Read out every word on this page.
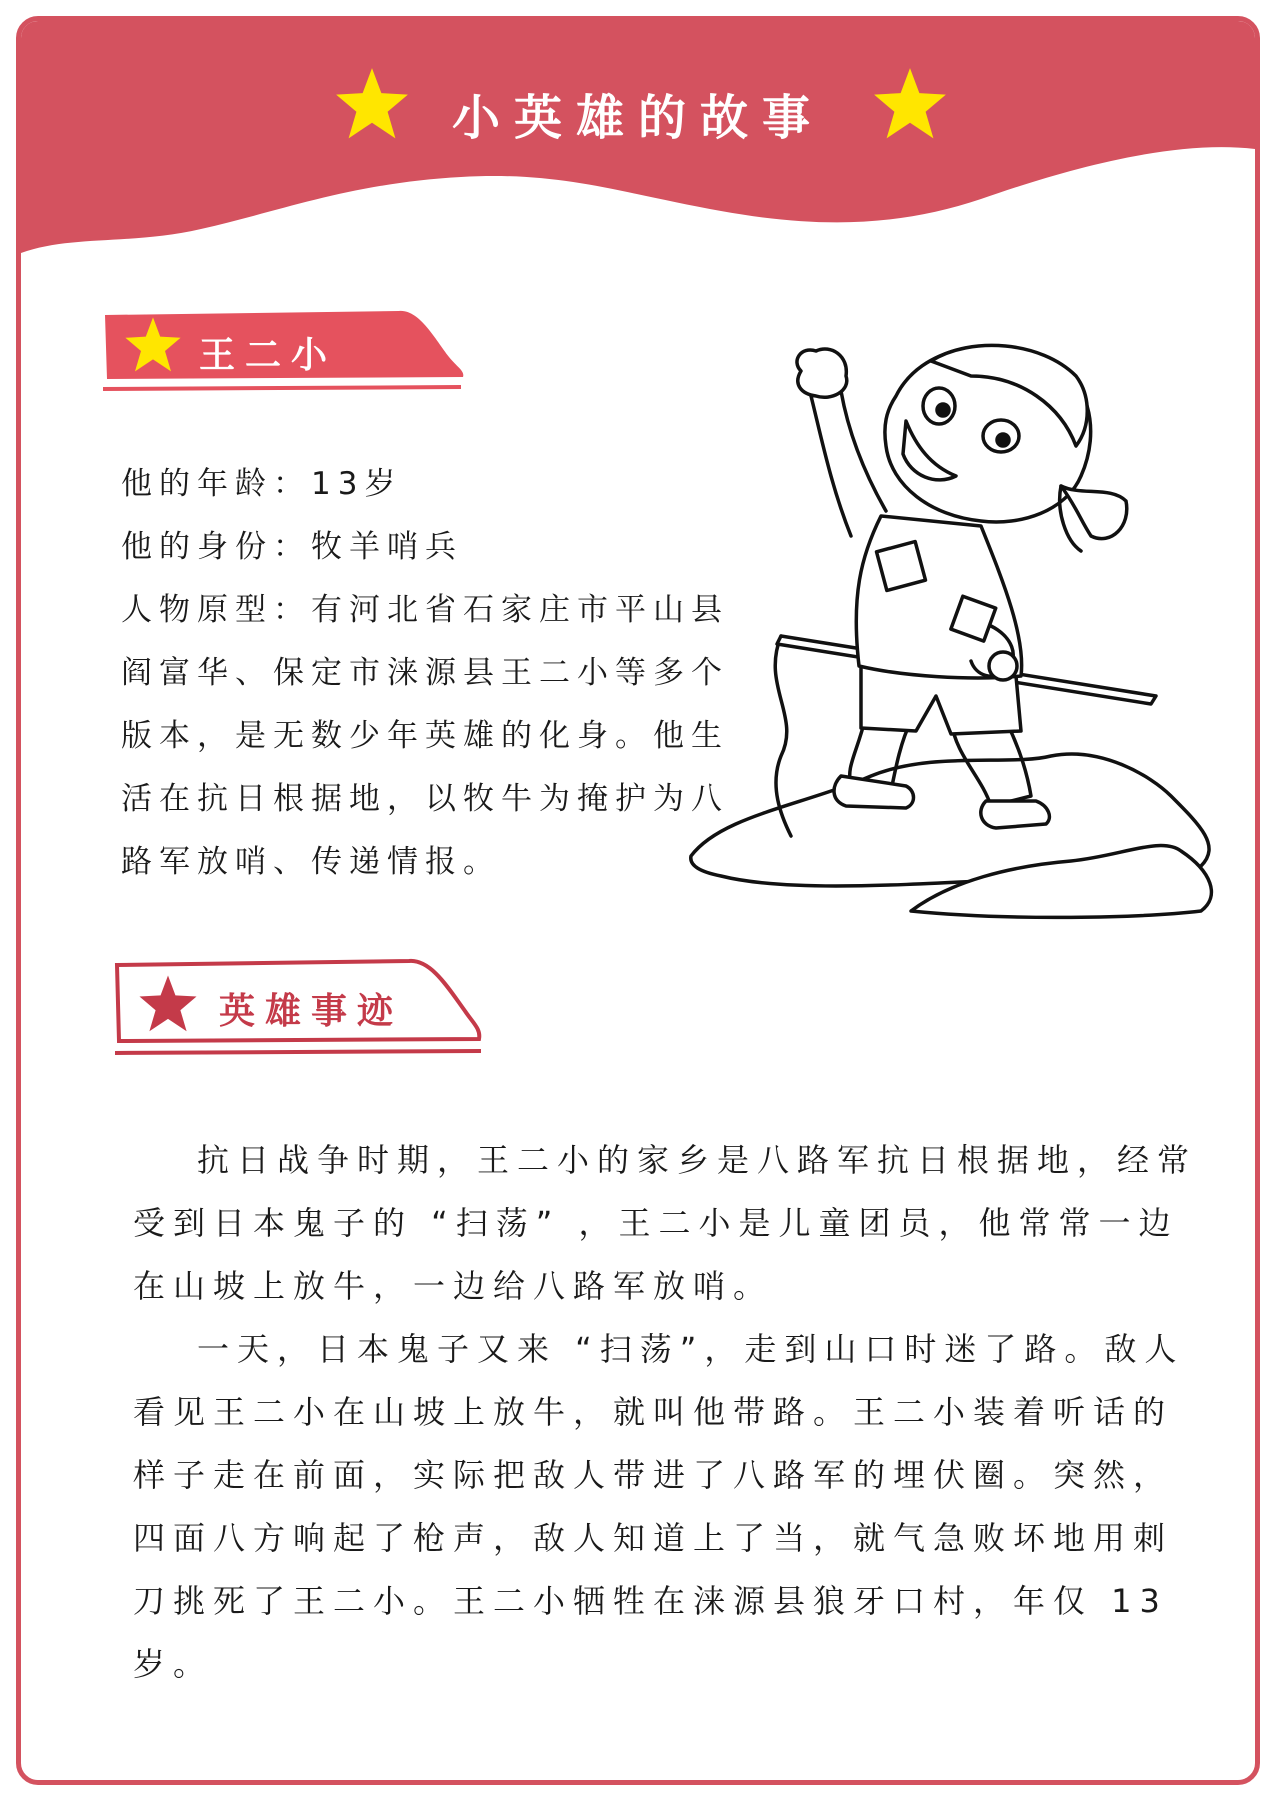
小英雄的故事
王二小

他的年龄：13岁

他的身份：牧羊哨兵

人物原型：有河北省石家庄市平山县阎富华、保定市涞源县王二小等多个版本，是无数少年英雄的化身。他生活在抗日根据地，以牧牛为掩护为八路军放哨、传递情报。

英雄事迹

抗日战争时期，王二小的家乡是八路军抗日根据地，经常受到日本鬼子的 “扫荡” ，王二小是儿童团员，他常常一边在山坡上放牛，一边给八路军放哨。

一天，日本鬼子又来 “扫荡”，走到山口时迷了路。敌人看见王二小在山坡上放牛，就叫他带路。王二小装着听话的样子走在前面，实际把敌人带进了八路军的埋伏圈。突然，四面八方响起了枪声，敌人知道上了当，就气急败坏地用刺刀挑死了王二小。王二小牺牲在涞源县狼牙口村，年仅 13 岁。
